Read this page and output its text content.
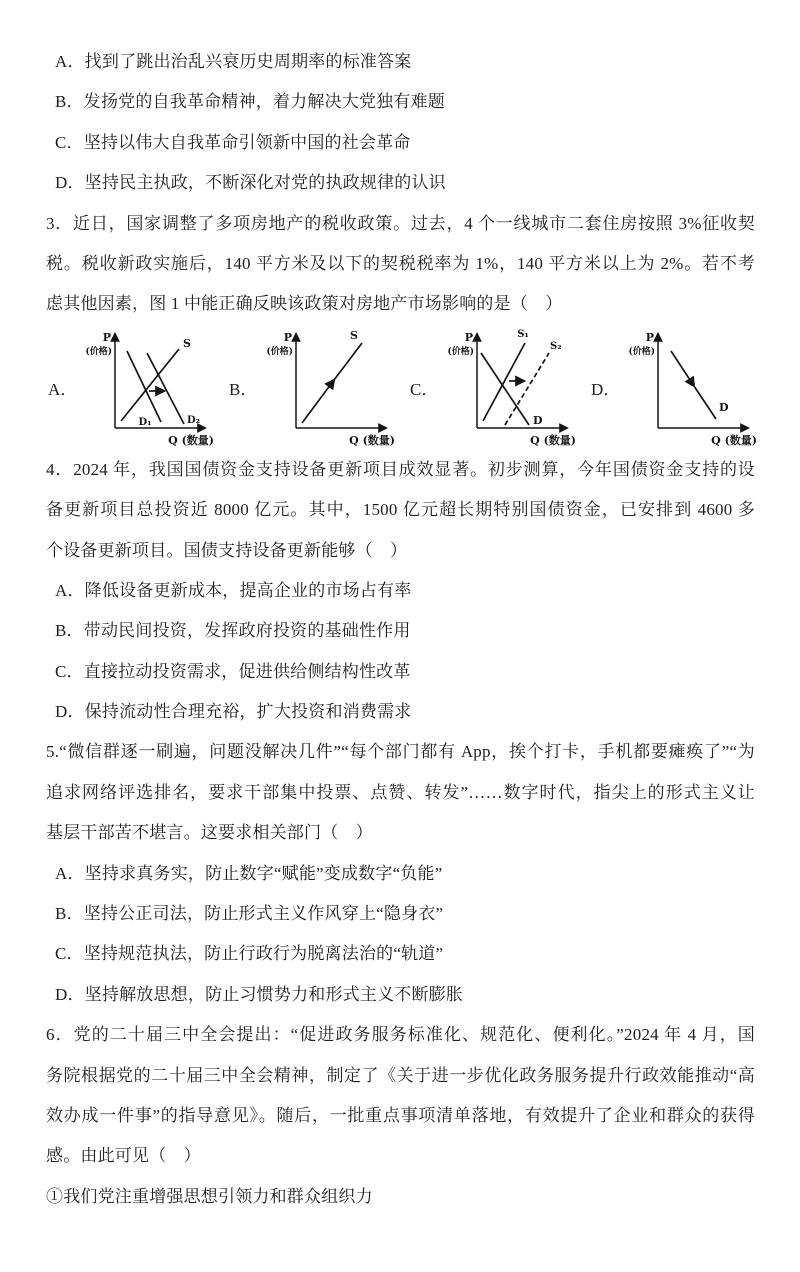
A．找到了跳出治乱兴衰历史周期率的标准答案
B．发扬党的自我革命精神，着力解决大党独有难题
C．坚持以伟大自我革命引领新中国的社会革命
D．坚持民主执政，不断深化对党的执政规律的认识
3．近日，国家调整了多项房地产的税收政策。过去，4 个一线城市二套住房按照 3%征收契
税。税收新政实施后，140 平方米及以下的契税税率为 1%，140 平方米以上为 2%。若不考
虑其他因素，图 1 中能正确反映该政策对房地产市场影响的是（　）
A．
P
(价格)
Q (数量)
S
D₁	D₂
B．
P
(价格)
Q (数量)
S
C．
P
(价格)
Q (数量)
S₁
S₂
D
D．
P
(价格)
Q (数量)
D
4．2024 年，我国国债资金支持设备更新项目成效显著。初步测算，今年国债资金支持的设
备更新项目总投资近 8000 亿元。其中，1500 亿元超长期特别国债资金，已安排到 4600 多
个设备更新项目。国债支持设备更新能够（　）
A．降低设备更新成本，提高企业的市场占有率
B．带动民间投资，发挥政府投资的基础性作用
C．直接拉动投资需求，促进供给侧结构性改革
D．保持流动性合理充裕，扩大投资和消费需求
5.“微信群逐一刷遍，问题没解决几件”“每个部门都有 App，挨个打卡，手机都要瘫痪了”“为
追求网络评选排名，要求干部集中投票、点赞、转发”……数字时代，指尖上的形式主义让
基层干部苦不堪言。这要求相关部门（　）
A．坚持求真务实，防止数字“赋能”变成数字“负能”
B．坚持公正司法，防止形式主义作风穿上“隐身衣”
C．坚持规范执法，防止行政行为脱离法治的“轨道”
D．坚持解放思想，防止习惯势力和形式主义不断膨胀
6．党的二十届三中全会提出：“促进政务服务标准化、规范化、便利化。”2024 年 4 月，国
务院根据党的二十届三中全会精神，制定了《关于进一步优化政务服务提升行政效能推动“高
效办成一件事”的指导意见》。随后，一批重点事项清单落地，有效提升了企业和群众的获得
感。由此可见（　）
①我们党注重增强思想引领力和群众组织力
